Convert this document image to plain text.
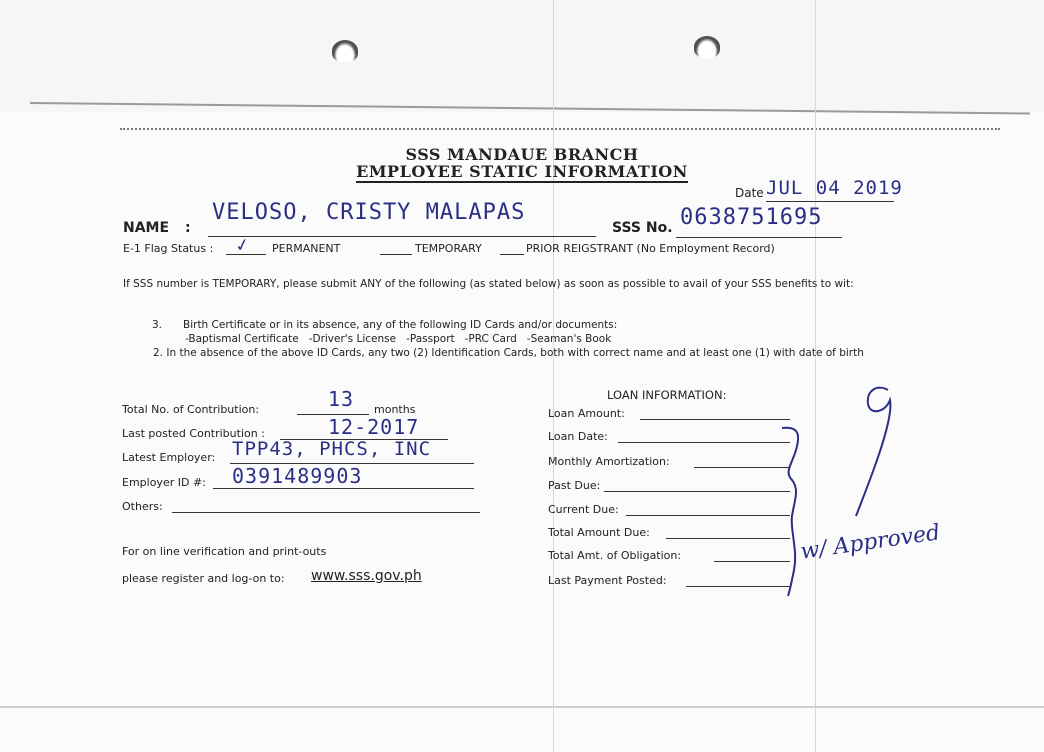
SSS MANDAUE BRANCH
EMPLOYEE STATIC INFORMATION
Date JUL 04 2019
NAME :
VELOSO, CRISTY MALAPAS
SSS No. 0638751695
E-1 Flag Status : ✓ PERMANENT	TEMPORARY	PRIOR REIGSTRANT (No Employment Record)
If SSS number is TEMPORARY, please submit ANY of the following (as stated below) as soon as possible to avail of your SSS benefits to wit:
3. Birth Certificate or in its absence, any of the following ID Cards and/or documents:
-Baptismal Certificate   -Driver's License   -Passport   -PRC Card   -Seaman's Book
2. In the absence of the above ID Cards, any two (2) Identification Cards, both with correct name and at least one (1) with date of birth
Total No. of Contribution:	13 months
Last posted Contribution :	12-2017
Latest Employer: TPP43, PHCS, INC
Employer ID #: 0391489903
Others:
For on line verification and print-outs
please register and log-on to: www.sss.gov.ph
LOAN INFORMATION:
Loan Amount:
Loan Date:
Monthly Amortization:
Past Due:
Current Due:
Total Amount Due:
Total Amt. of Obligation:
Last Payment Posted:
w/ Approved
